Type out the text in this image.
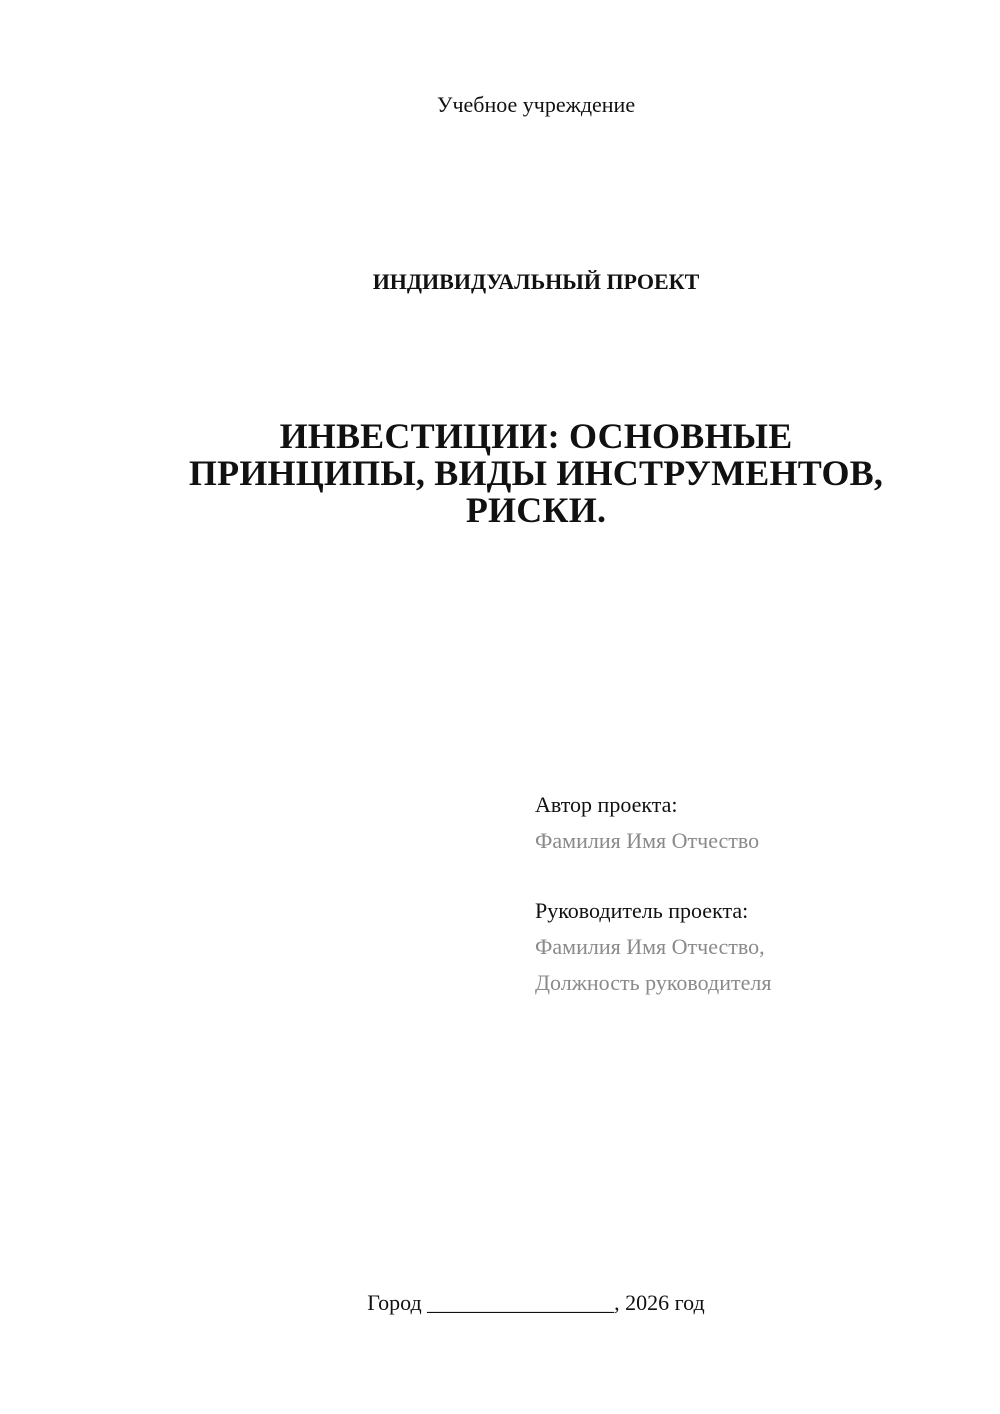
Учебное учреждение
ИНДИВИДУАЛЬНЫЙ ПРОЕКТ
ИНВЕСТИЦИИ: ОСНОВНЫЕ
ПРИНЦИПЫ, ВИДЫ ИНСТРУМЕНТОВ,
РИСКИ.
Автор проекта:
Фамилия Имя Отчество
Руководитель проекта:
Фамилия Имя Отчество,
Должность руководителя
Город _________________, 2026 год
